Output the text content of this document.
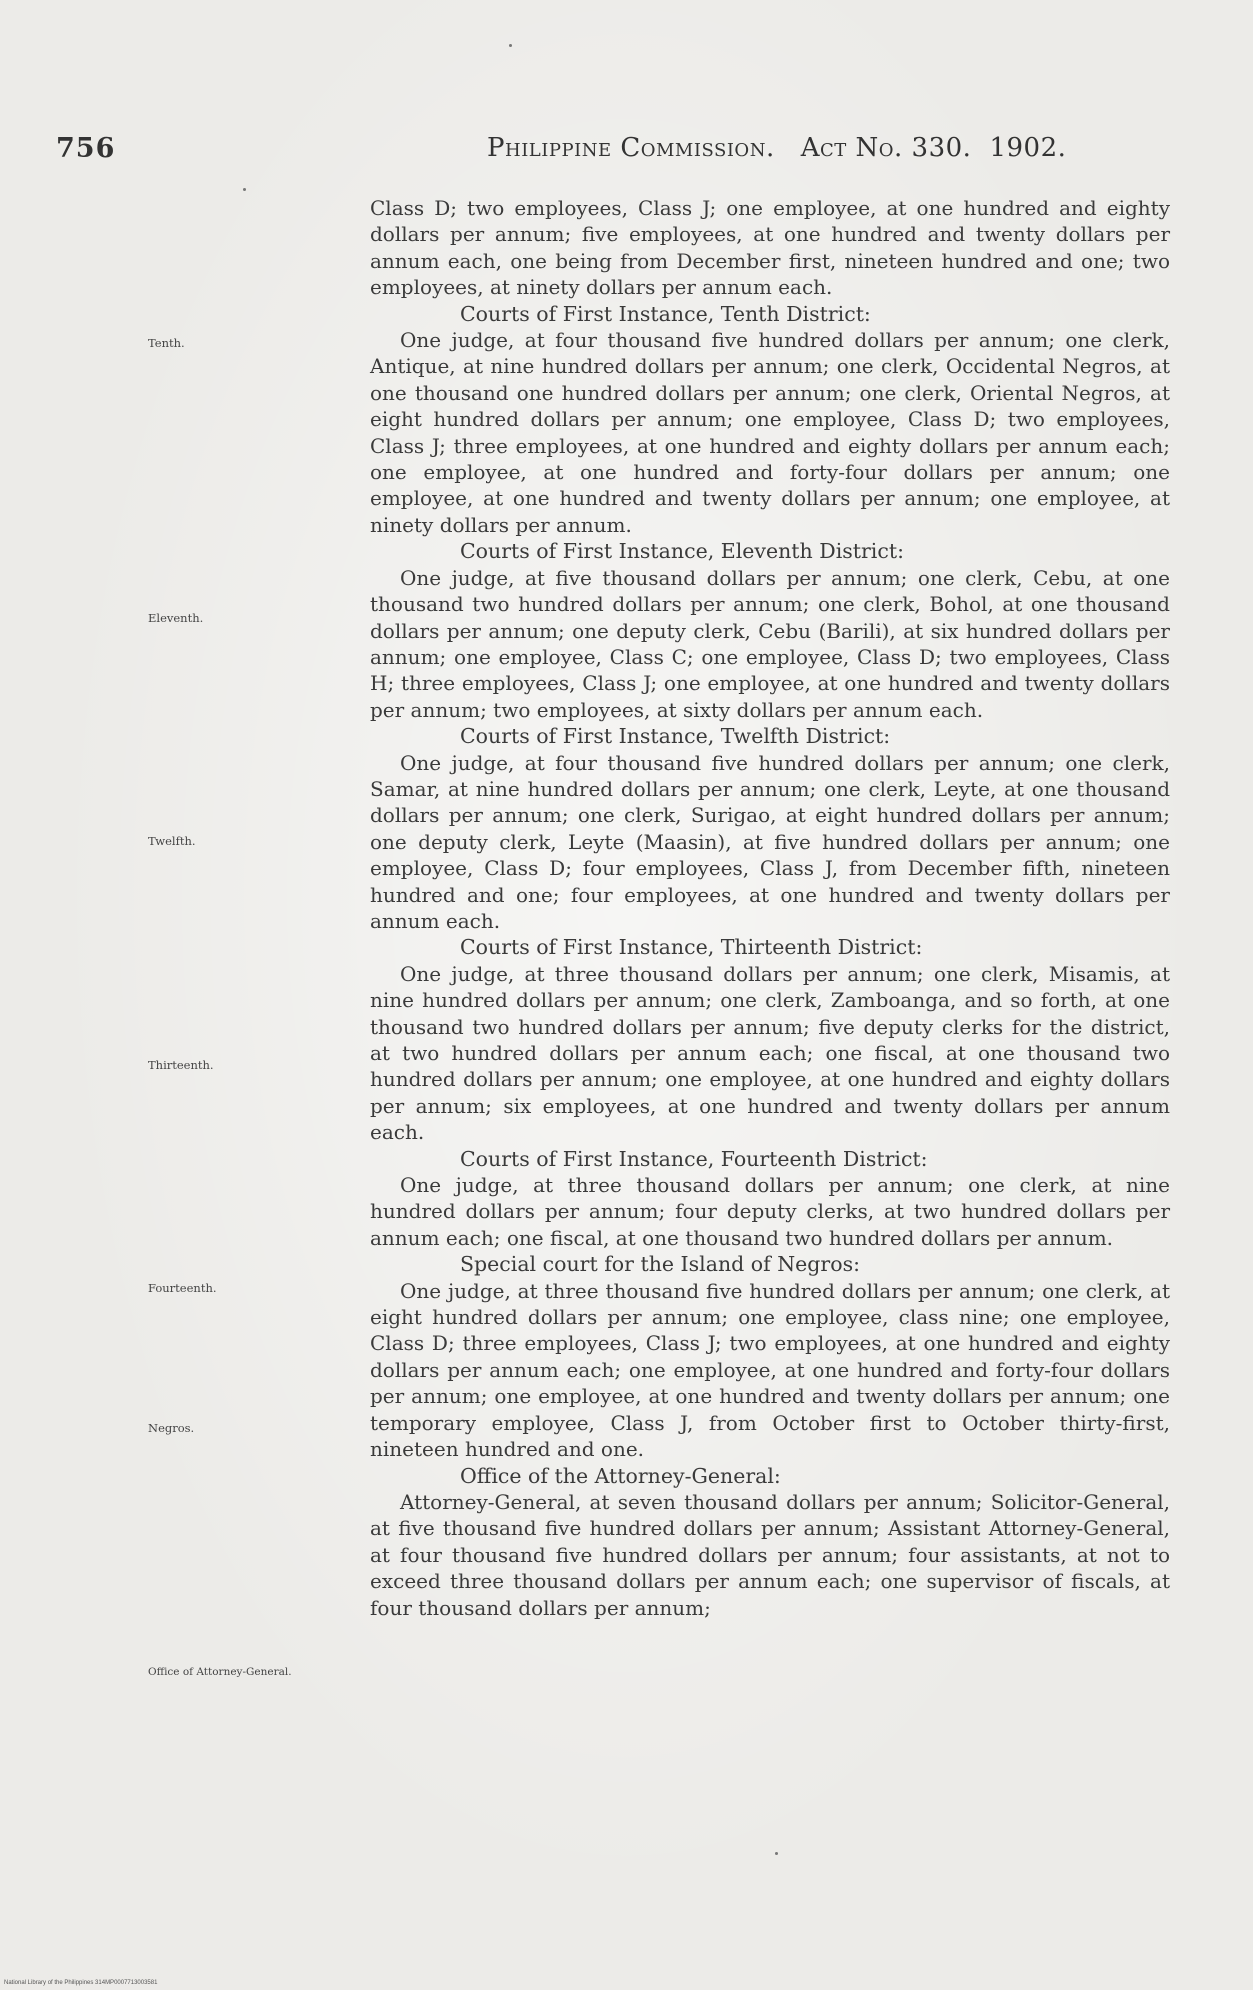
756	Philippine Commission. Act No. 330. 1902.

Class D; two employees, Class J; one employee, at one hundred and eighty dollars per annum; five employees, at one hundred and twenty dollars per annum each, one being from December first, nineteen hundred and one; two employees, at ninety dollars per annum each.

Courts of First Instance, Tenth District:

One judge, at four thousand five hundred dollars per annum; one clerk, Antique, at nine hundred dollars per annum; one clerk, Occidental Negros, at one thousand one hundred dollars per annum; one clerk, Oriental Negros, at eight hundred dollars per annum; one employee, Class D; two employees, Class J; three employees, at one hundred and eighty dollars per annum each; one employee, at one hundred and forty-four dollars per annum; one employee, at one hundred and twenty dollars per annum; one employee, at ninety dollars per annum.

Courts of First Instance, Eleventh District:

One judge, at five thousand dollars per annum; one clerk, Cebu, at one thousand two hundred dollars per annum; one clerk, Bohol, at one thousand dollars per annum; one deputy clerk, Cebu (Barili), at six hundred dollars per annum; one employee, Class C; one employee, Class D; two employees, Class H; three employees, Class J; one employee, at one hundred and twenty dollars per annum; two employees, at sixty dollars per annum each.

Courts of First Instance, Twelfth District:

One judge, at four thousand five hundred dollars per annum; one clerk, Samar, at nine hundred dollars per annum; one clerk, Leyte, at one thousand dollars per annum; one clerk, Surigao, at eight hundred dollars per annum; one deputy clerk, Leyte (Maasin), at five hundred dollars per annum; one employee, Class D; four employees, Class J, from December fifth, nineteen hundred and one; four employees, at one hundred and twenty dollars per annum each.

Courts of First Instance, Thirteenth District:

One judge, at three thousand dollars per annum; one clerk, Misamis, at nine hundred dollars per annum; one clerk, Zamboanga, and so forth, at one thousand two hundred dollars per annum; five deputy clerks for the district, at two hundred dollars per annum each; one fiscal, at one thousand two hundred dollars per annum; one employee, at one hundred and eighty dollars per annum; six employees, at one hundred and twenty dollars per annum each.

Courts of First Instance, Fourteenth District:

One judge, at three thousand dollars per annum; one clerk, at nine hundred dollars per annum; four deputy clerks, at two hundred dollars per annum each; one fiscal, at one thousand two hundred dollars per annum.

Special court for the Island of Negros:

One judge, at three thousand five hundred dollars per annum; one clerk, at eight hundred dollars per annum; one employee, class nine; one employee, Class D; three employees, Class J; two employees, at one hundred and eighty dollars per annum each; one employee, at one hundred and forty-four dollars per annum; one employee, at one hundred and twenty dollars per annum; one temporary employee, Class J, from October first to October thirty-first, nineteen hundred and one.

Office of the Attorney-General:

Attorney-General, at seven thousand dollars per annum; Solicitor-General, at five thousand five hundred dollars per annum; Assistant Attorney-General, at four thousand five hundred dollars per annum; four assistants, at not to exceed three thousand dollars per annum each; one supervisor of fiscals, at four thousand dollars per annum;

Tenth.
Eleventh.
Twelfth.
Thirteenth.
Fourteenth.
Negros.
Office of Attorney-General.
National Library of the Philippines 314MP0007713003581
